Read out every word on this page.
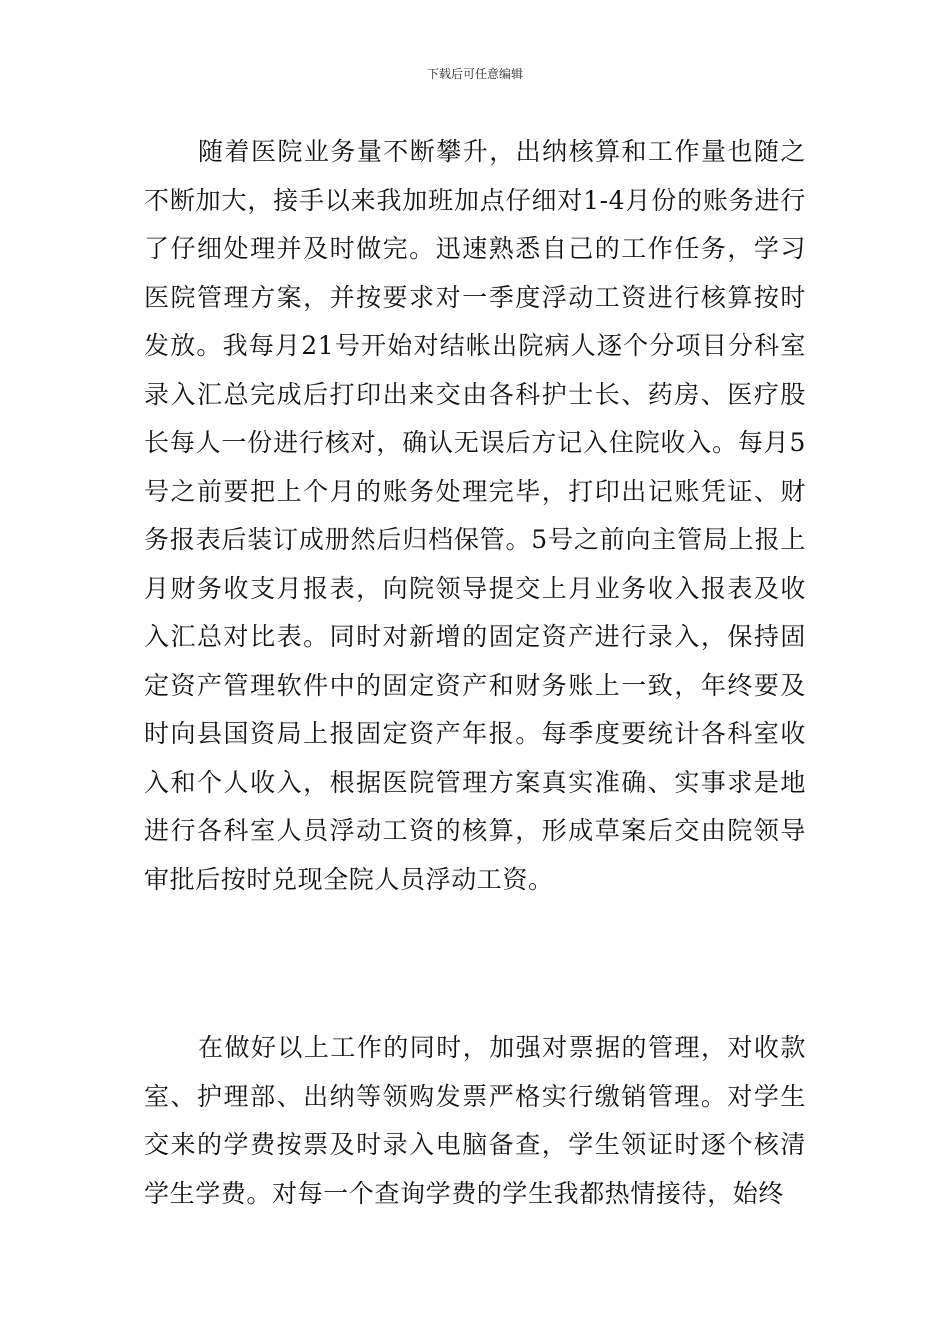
下载后可任意编辑

随着医院业务量不断攀升，出纳核算和工作量也随之不断加大，接手以来我加班加点仔细对1-4月份的账务进行了仔细处理并及时做完。迅速熟悉自己的工作任务，学习医院管理方案，并按要求对一季度浮动工资进行核算按时发放。我每月21号开始对结帐出院病人逐个分项目分科室录入汇总完成后打印出来交由各科护士长、药房、医疗股长每人一份进行核对，确认无误后方记入住院收入。每月5号之前要把上个月的账务处理完毕，打印出记账凭证、财务报表后装订成册然后归档保管。5号之前向主管局上报上月财务收支月报表，向院领导提交上月业务收入报表及收入汇总对比表。同时对新增的固定资产进行录入，保持固定资产管理软件中的固定资产和财务账上一致，年终要及时向县国资局上报固定资产年报。每季度要统计各科室收入和个人收入，根据医院管理方案真实准确、实事求是地进行各科室人员浮动工资的核算，形成草案后交由院领导审批后按时兑现全院人员浮动工资。

在做好以上工作的同时，加强对票据的管理，对收款室、护理部、出纳等领购发票严格实行缴销管理。对学生交来的学费按票及时录入电脑备查，学生领证时逐个核清学生学费。对每一个查询学费的学生我都热情接待，始终
